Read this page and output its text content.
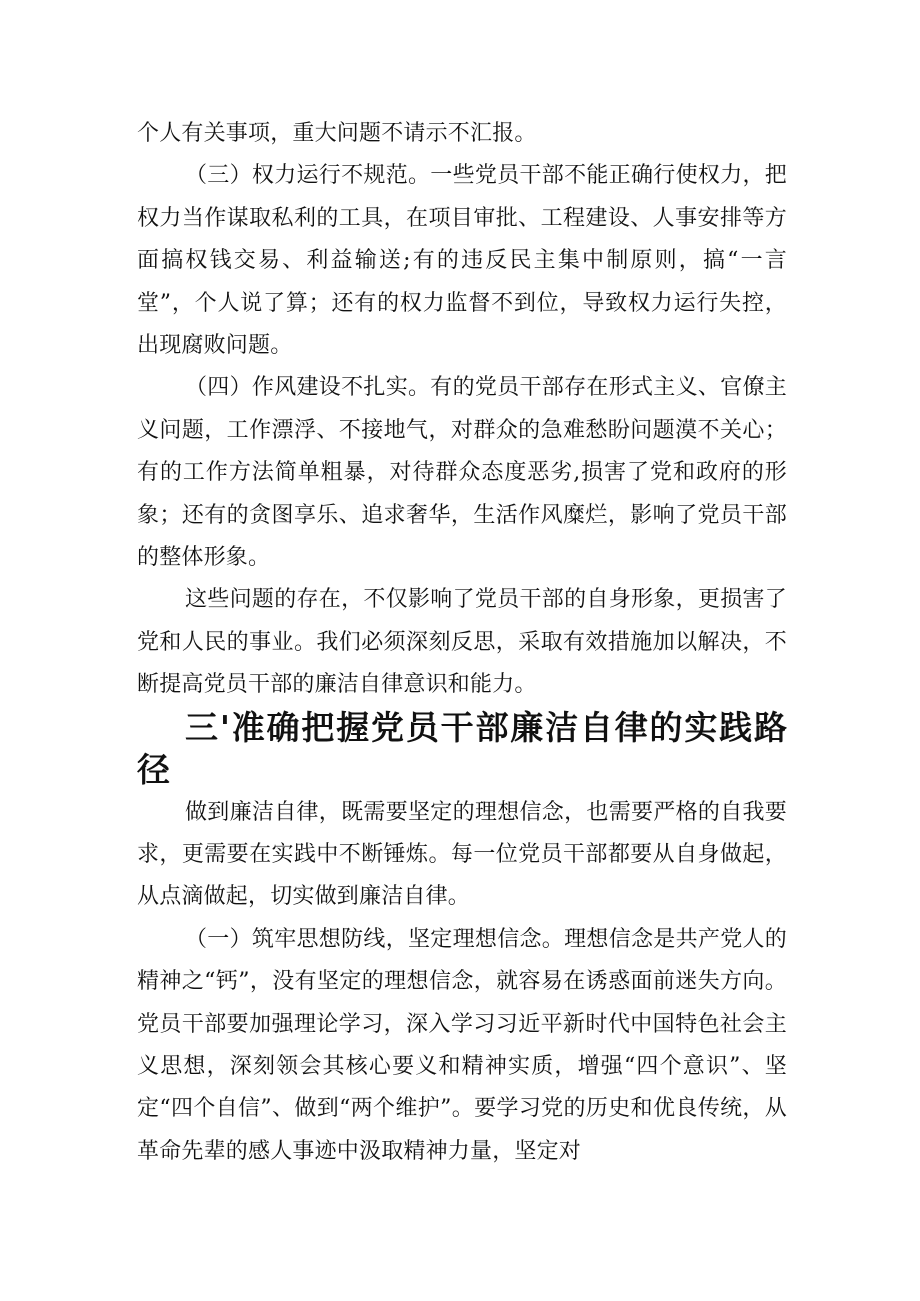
个人有关事项，重大问题不请示不汇报。

（三）权力运行不规范。一些党员干部不能正确行使权力，把权力当作谋取私利的工具，在项目审批、工程建设、人事安排等方面搞权钱交易、利益输送;有的违反民主集中制原则，搞“一言堂”，个人说了算；还有的权力监督不到位，导致权力运行失控，出现腐败问题。

（四）作风建设不扎实。有的党员干部存在形式主义、官僚主义问题，工作漂浮、不接地气，对群众的急难愁盼问题漠不关心；有的工作方法简单粗暴，对待群众态度恶劣,损害了党和政府的形象；还有的贪图享乐、追求奢华，生活作风糜烂，影响了党员干部的整体形象。

这些问题的存在，不仅影响了党员干部的自身形象，更损害了党和人民的事业。我们必须深刻反思，采取有效措施加以解决，不断提高党员干部的廉洁自律意识和能力。

三'准确把握党员干部廉洁自律的实践路径

做到廉洁自律，既需要坚定的理想信念，也需要严格的自我要求，更需要在实践中不断锤炼。每一位党员干部都要从自身做起，从点滴做起，切实做到廉洁自律。

（一）筑牢思想防线，坚定理想信念。理想信念是共产党人的精神之“钙”，没有坚定的理想信念，就容易在诱惑面前迷失方向。党员干部要加强理论学习，深入学习习近平新时代中国特色社会主义思想，深刻领会其核心要义和精神实质，增强“四个意识”、坚定“四个自信”、做到“两个维护”。要学习党的历史和优良传统，从革命先辈的感人事迹中汲取精神力量，坚定对
